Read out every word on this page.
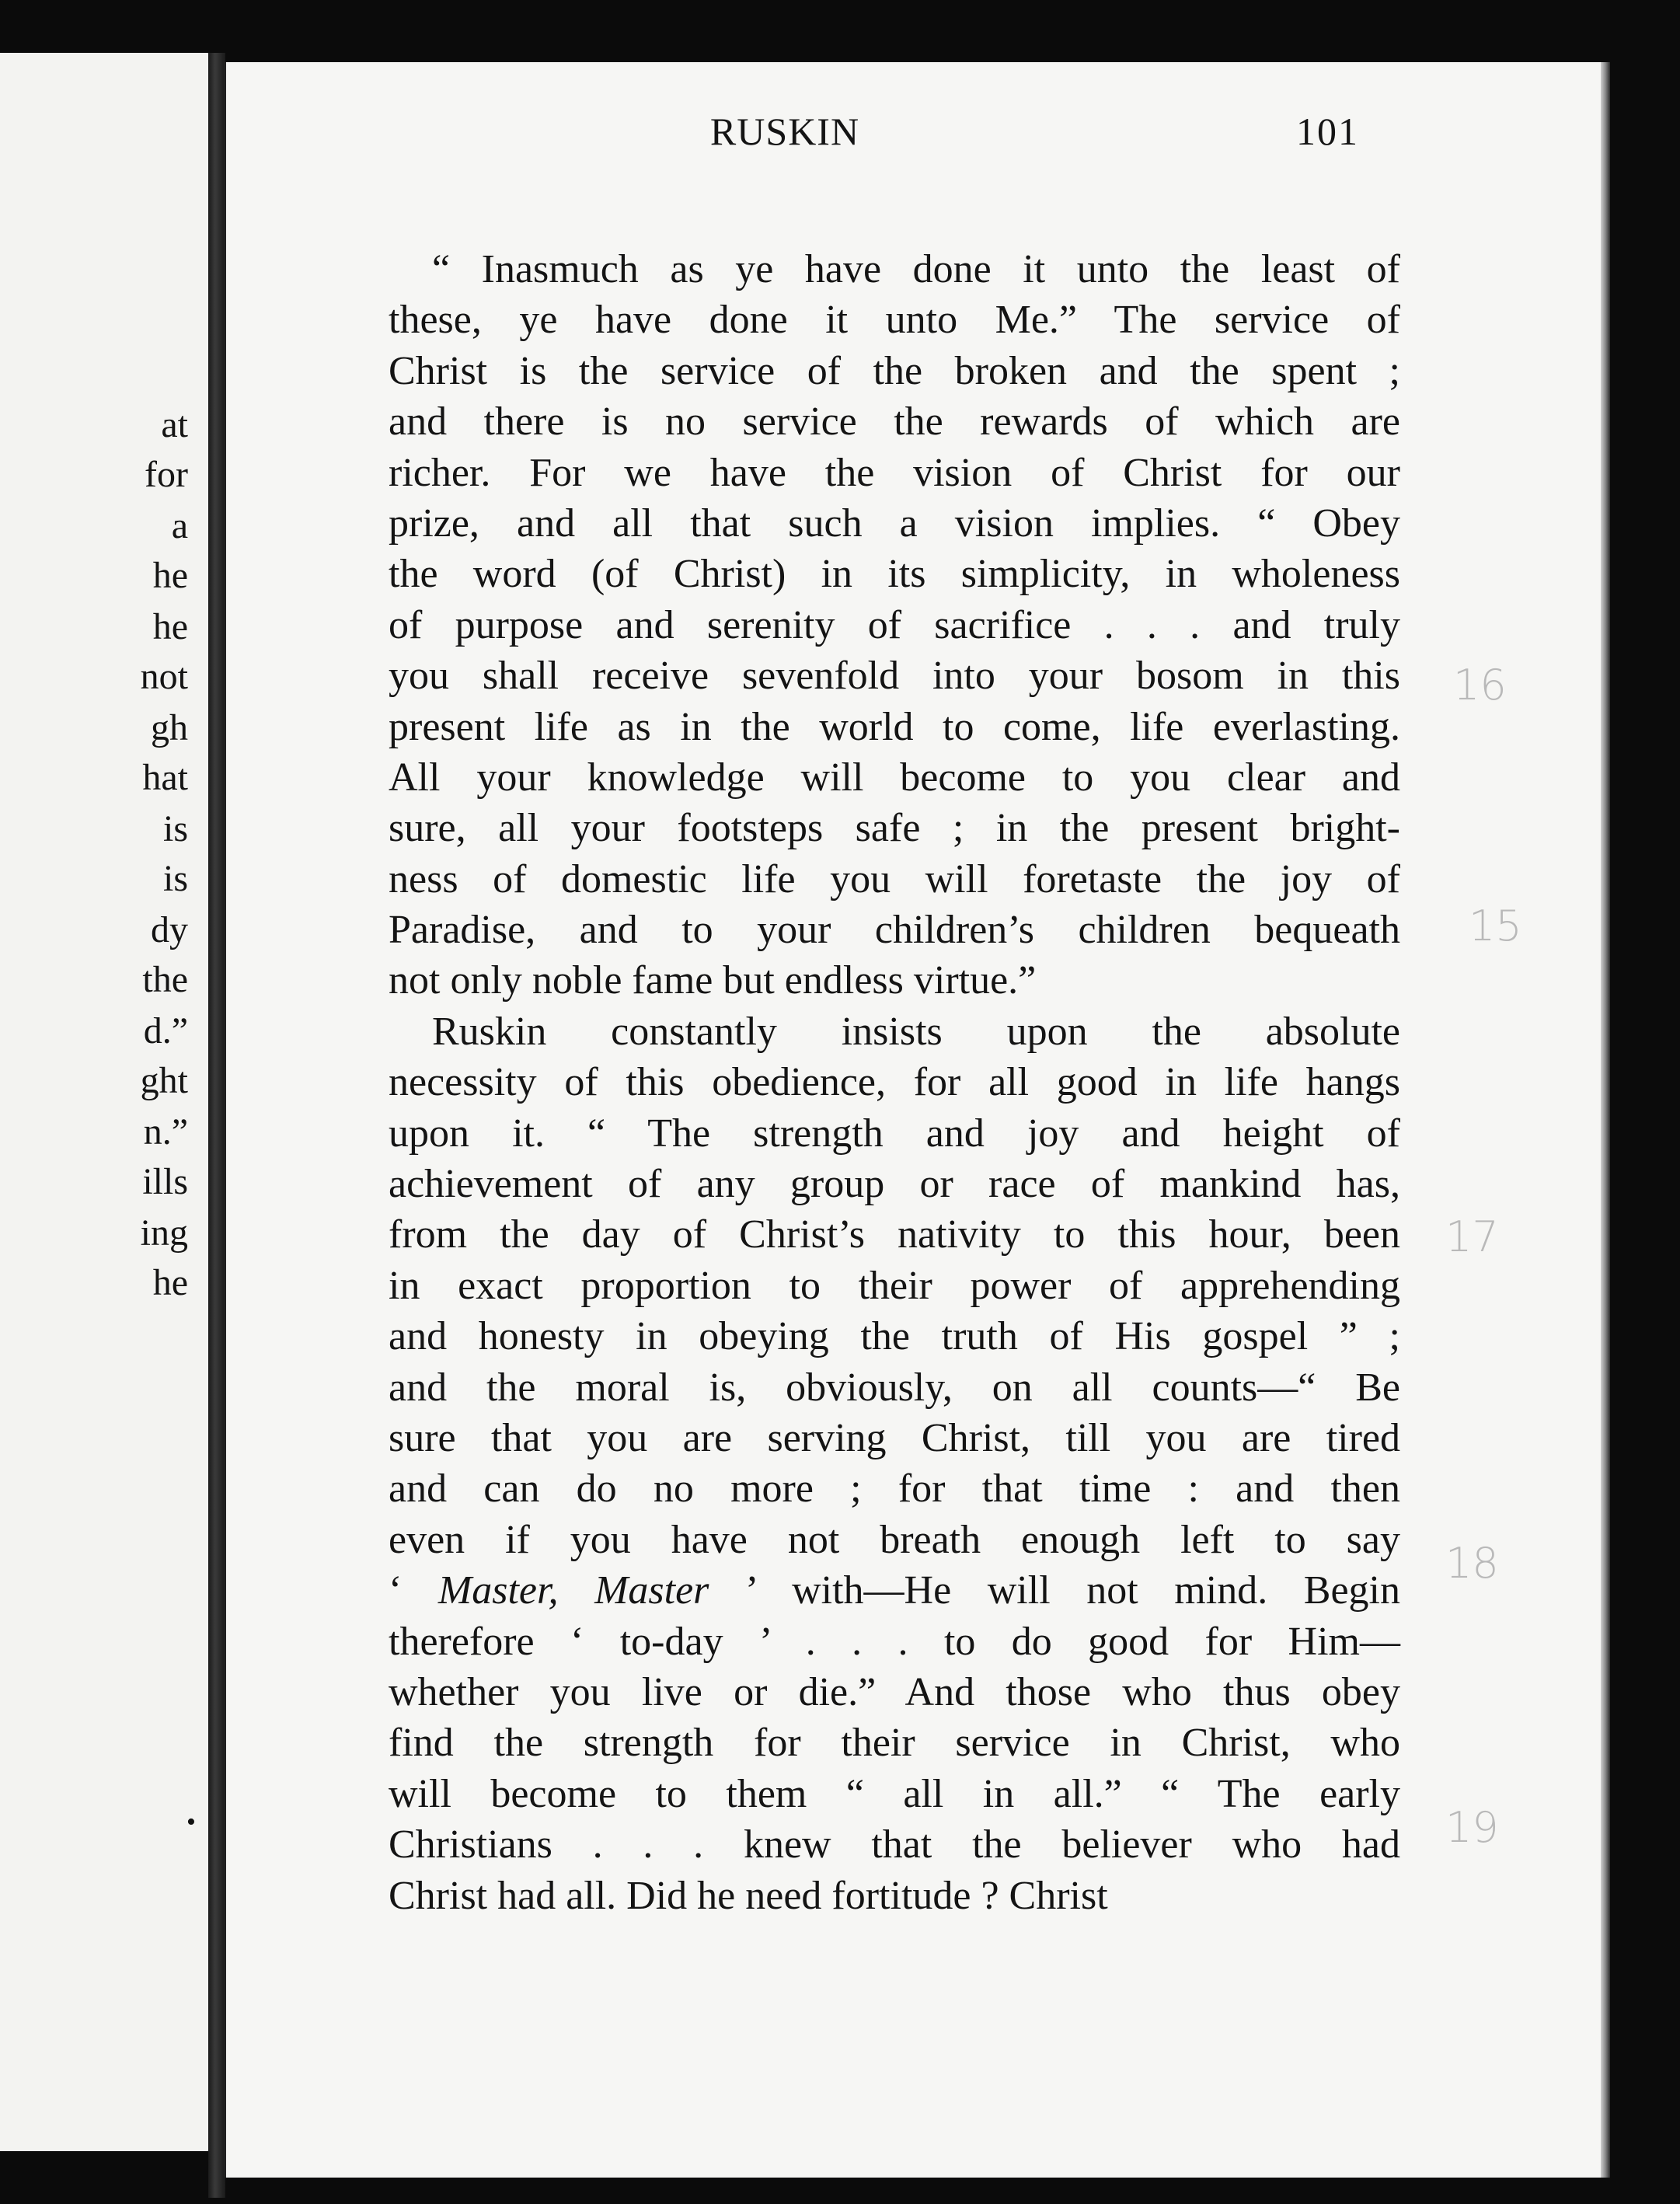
at
for
a
he
he
not
gh
hat
is
is
dy
the
d.”
ght
n.”
ills
ing
he
RUSKIN	101
“ Inasmuch as ye have done it unto the least of
these, ye have done it unto Me.” The service of
Christ is the service of the broken and the spent ;
and there is no service the rewards of which are
richer. For we have the vision of Christ for our
prize, and all that such a vision implies. “ Obey
the word (of Christ) in its simplicity, in wholeness
of purpose and serenity of sacrifice . . . and truly
you shall receive sevenfold into your bosom in this
present life as in the world to come, life everlasting.
All your knowledge will become to you clear and
sure, all your footsteps safe ; in the present bright-
ness of domestic life you will foretaste the joy of
Paradise, and to your children’s children bequeath
not only noble fame but endless virtue.”
Ruskin constantly insists upon the absolute
necessity of this obedience, for all good in life hangs
upon it. “ The strength and joy and height of
achievement of any group or race of mankind has,
from the day of Christ’s nativity to this hour, been
in exact proportion to their power of apprehending
and honesty in obeying the truth of His gospel ” ;
and the moral is, obviously, on all counts—“ Be
sure that you are serving Christ, till you are tired
and can do no more ; for that time : and then
even if you have not breath enough left to say
‘ Master, Master ’ with—He will not mind. Begin
therefore ‘ to-day ’ . . . to do good for Him—
whether you live or die.” And those who thus obey
find the strength for their service in Christ, who
will become to them “ all in all.” “ The early
Christians . . . knew that the believer who had
Christ had all. Did he need fortitude ? Christ
•
16
15
17
18
19
